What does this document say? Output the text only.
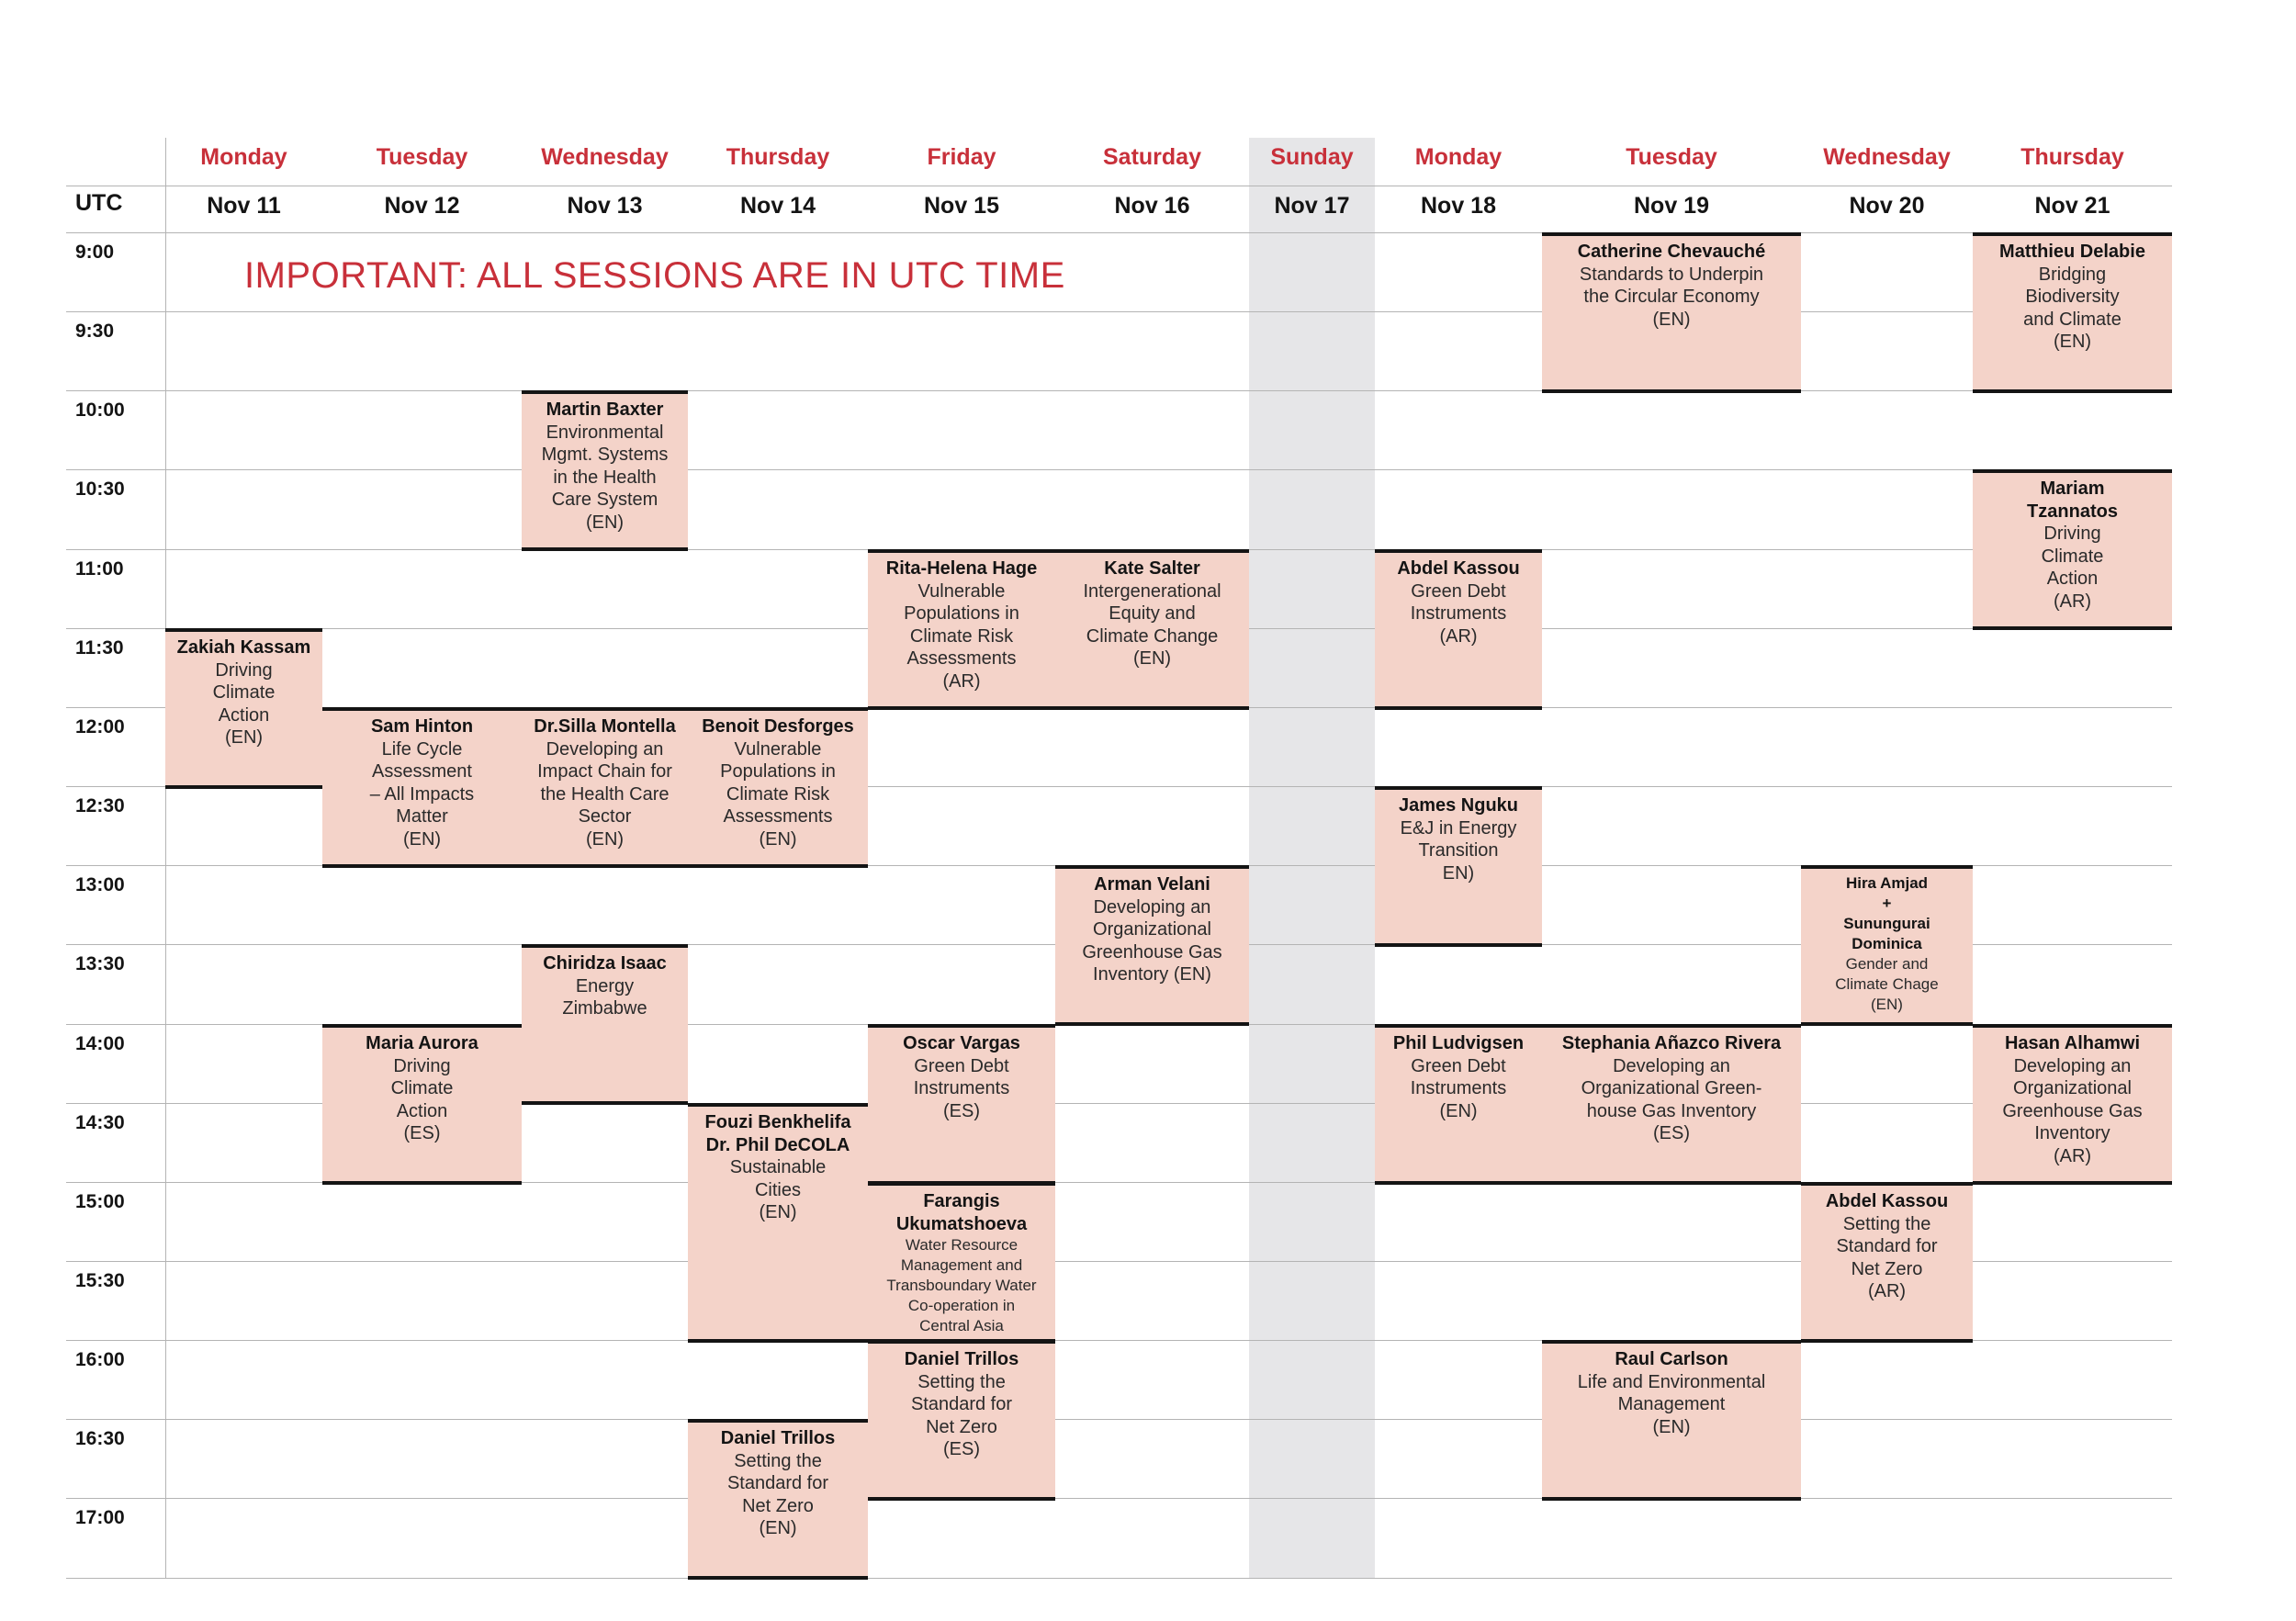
UTC
Monday
Nov 11
Tuesday
Nov 12
Wednesday
Nov 13
Thursday
Nov 14
Friday
Nov 15
Saturday
Nov 16
Sunday
Nov 17
Monday
Nov 18
Tuesday
Nov 19
Wednesday
Nov 20
Thursday
Nov 21
9:00
9:30
10:00
10:30
11:00
11:30
12:00
12:30
13:00
13:30
14:00
14:30
15:00
15:30
16:00
16:30
17:00
IMPORTANT: ALL SESSIONS ARE IN UTC TIME
Catherine Chevauché
Standards to Underpin
the Circular Economy
(EN)
Matthieu Delabie
Bridging
Biodiversity
and Climate
(EN)
Martin Baxter
Environmental
Mgmt. Systems
in the Health
Care System
(EN)
Mariam
Tzannatos
Driving
Climate
Action
(AR)
Rita-Helena Hage
Vulnerable
Populations in
Climate Risk
Assessments
(AR)
Kate Salter
Intergenerational
Equity and
Climate Change
(EN)
Abdel Kassou
Green Debt
Instruments
(AR)
Zakiah Kassam
Driving
Climate
Action
(EN)
Sam Hinton
Life Cycle
Assessment
– All Impacts
Matter
(EN)
Dr.Silla Montella
Developing an
Impact Chain for
the Health Care
Sector
(EN)
Benoit Desforges
Vulnerable
Populations in
Climate Risk
Assessments
(EN)
James Nguku
E&J in Energy
Transition
EN)
Arman Velani
Developing an
Organizational
Greenhouse Gas
Inventory (EN)
Hira Amjad
+
Sunungurai
Dominica
Gender and
Climate Chage
(EN)
Chiridza Isaac
Energy
Zimbabwe
Maria Aurora
Driving
Climate
Action
(ES)
Oscar Vargas
Green Debt
Instruments
(ES)
Phil Ludvigsen
Green Debt
Instruments
(EN)
Stephania Añazco Rivera
Developing an
Organizational Green-
house Gas Inventory
(ES)
Hasan Alhamwi
Developing an
Organizational
Greenhouse Gas
Inventory
(AR)
Fouzi Benkhelifa
Dr. Phil DeCOLA
Sustainable
Cities
(EN)
Farangis
Ukumatshoeva
Water Resource
Management and
Transboundary Water
Co-operation in
Central Asia
Abdel Kassou
Setting the
Standard for
Net Zero
(AR)
Daniel Trillos
Setting the
Standard for
Net Zero
(ES)
Raul Carlson
Life and Environmental
Management
(EN)
Daniel Trillos
Setting the
Standard for
Net Zero
(EN)
